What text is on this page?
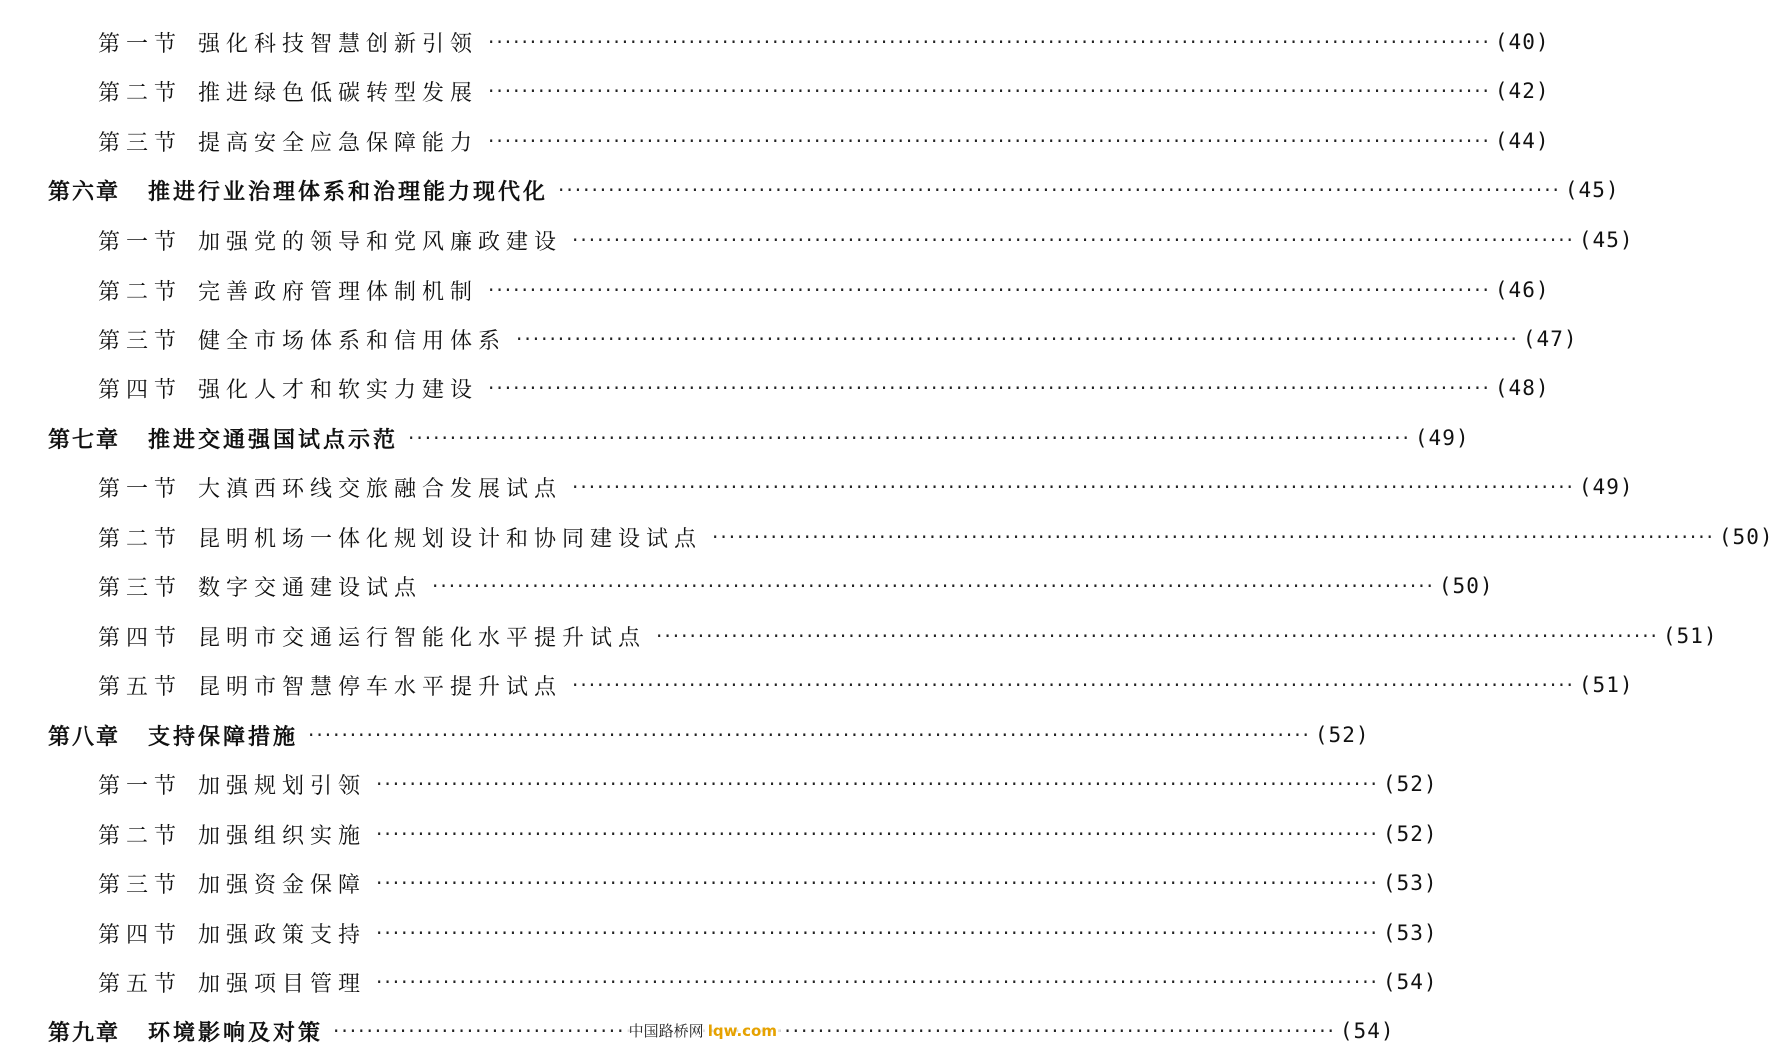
第一节 强化科技智慧创新引领 ·····	(40)
第二节 推进绿色低碳转型发展 ·····	(42)
第三节 提高安全应急保障能力 ·····	(44)
第六章	推进行业治理体系和治理能力现代化 ·····	(45)
第一节 加强党的领导和党风廉政建设 ·····	(45)
第二节 完善政府管理体制机制 ·····	(46)
第三节 健全市场体系和信用体系 ·····	(47)
第四节 强化人才和软实力建设 ·····	(48)
第七章	推进交通强国试点示范 ·····	(49)
第一节 大滇西环线交旅融合发展试点 ·····	(49)
第二节 昆明机场一体化规划设计和协同建设试点 ·····	(50)
第三节 数字交通建设试点 ·····	(50)
第四节 昆明市交通运行智能化水平提升试点 ·····	(51)
第五节 昆明市智慧停车水平提升试点 ·····	(51)
第八章	支持保障措施 ·····	(52)
第一节 加强规划引领 ·····	(52)
第二节 加强组织实施 ·····	(52)
第三节 加强资金保障 ·····	(53)
第四节 加强政策支持 ·····	(53)
第五节 加强项目管理 ·····	(54)
第九章	环境影响及对策 ·····	(54)
中国路桥网 lqw.com
